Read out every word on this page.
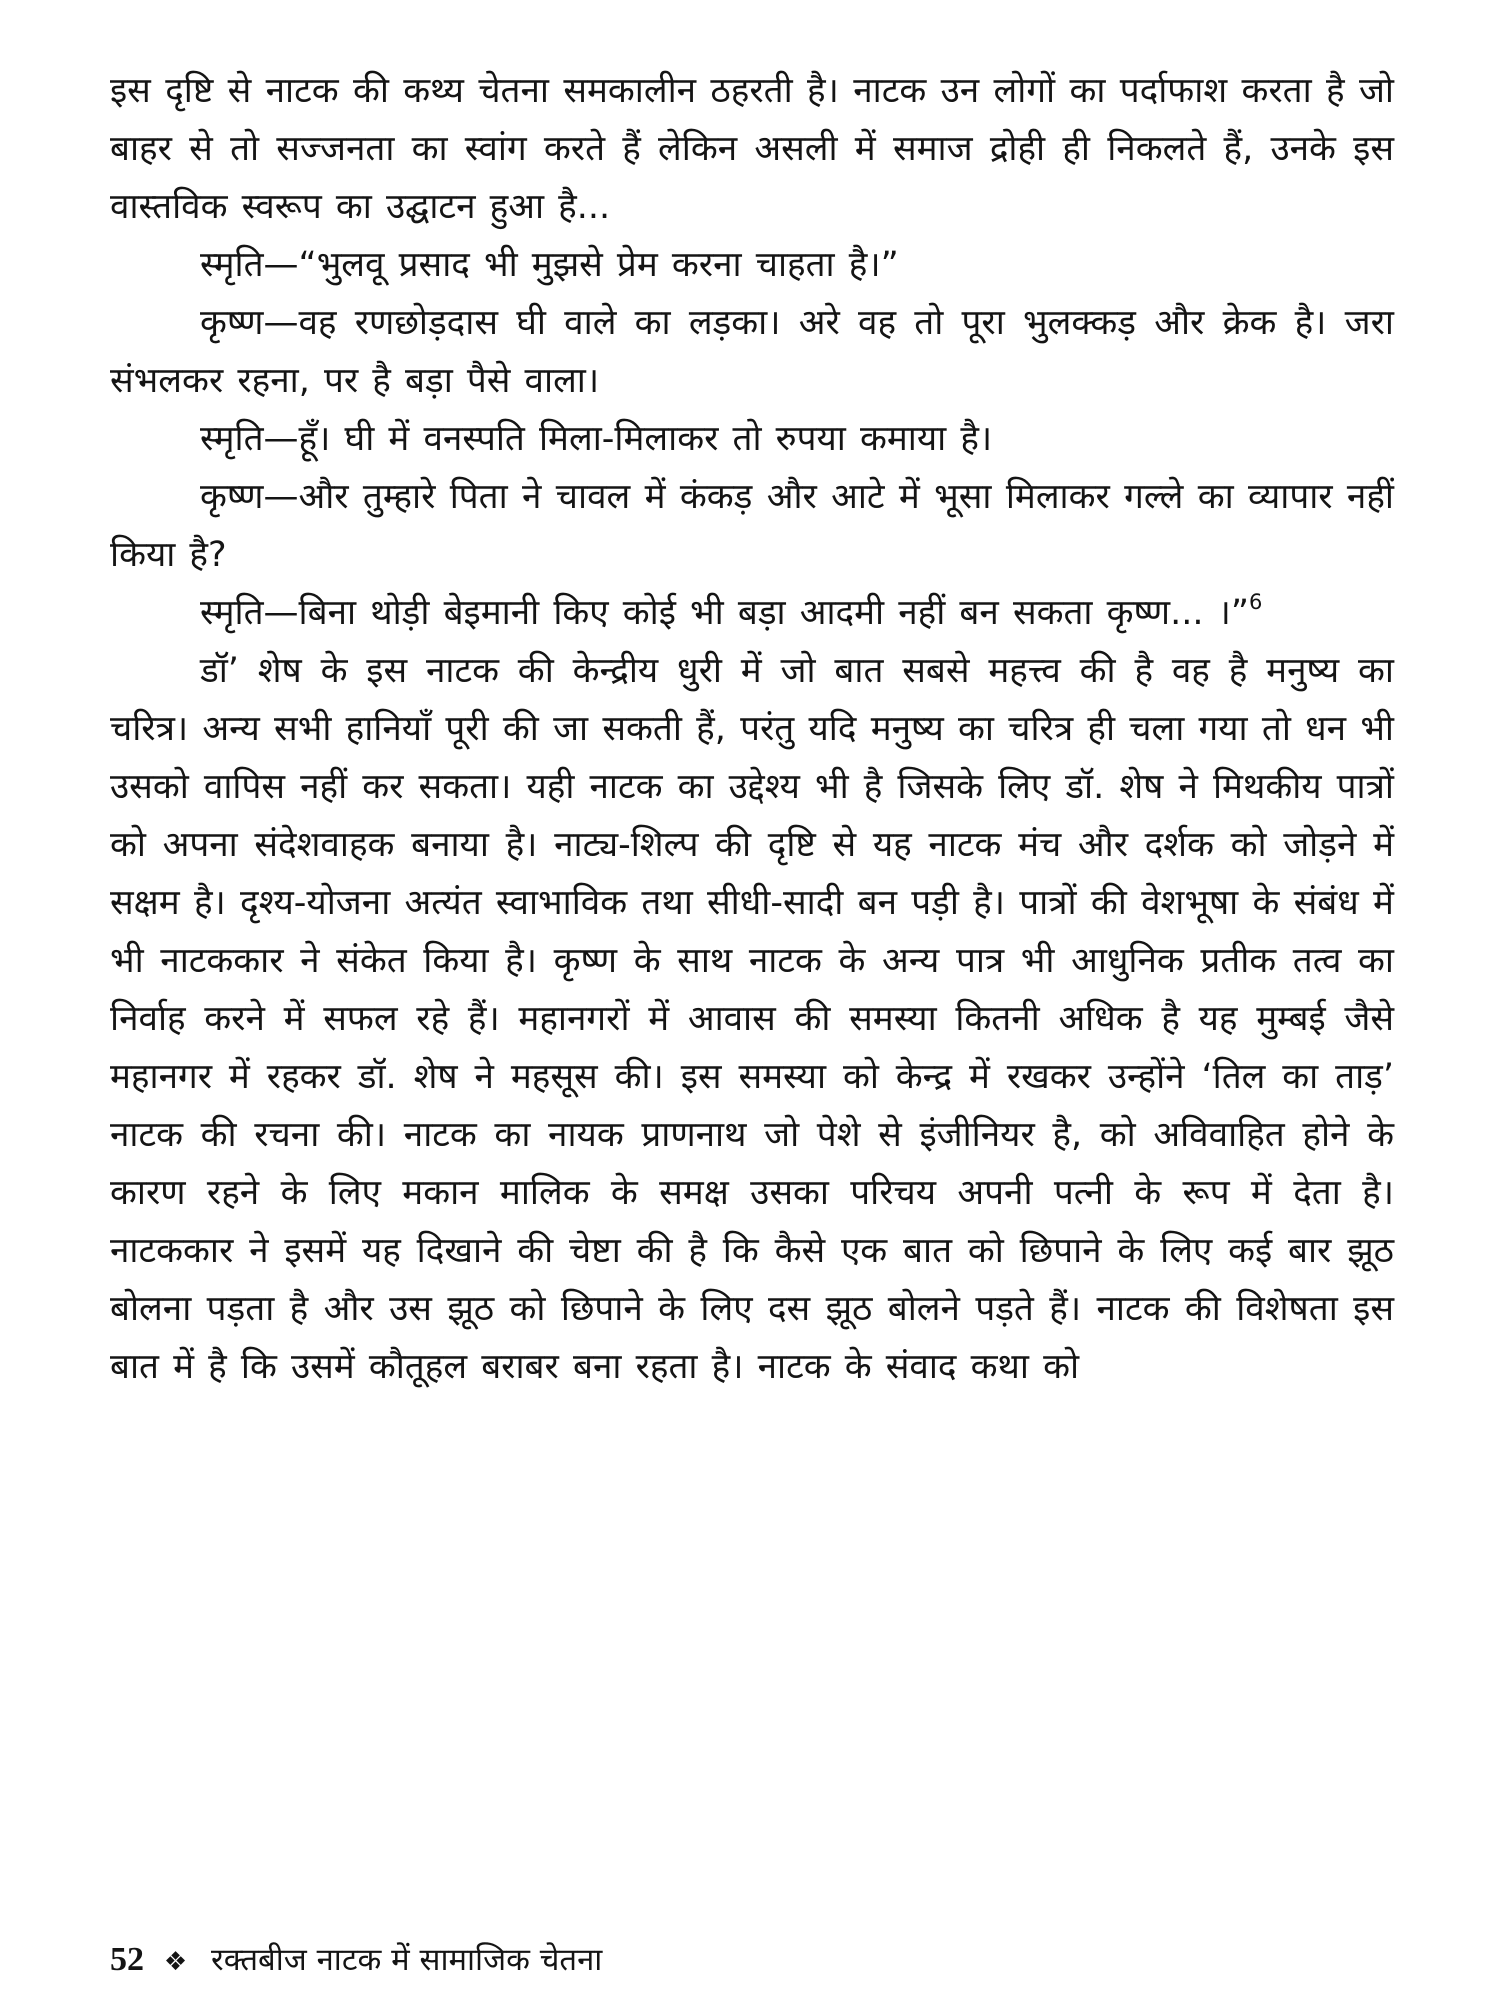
इस दृष्टि से नाटक की कथ्य चेतना समकालीन ठहरती है। नाटक उन लोगों का पर्दाफाश करता है जो बाहर से तो सज्जनता का स्वांग करते हैं लेकिन असली में समाज द्रोही ही निकलते हैं, उनके इस वास्तविक स्वरूप का उद्घाटन हुआ है...

स्मृति—“भुलवू प्रसाद भी मुझसे प्रेम करना चाहता है।”

कृष्ण—वह रणछोड़दास घी वाले का लड़का। अरे वह तो पूरा भुलक्कड़ और क्रेक है। जरा संभलकर रहना, पर है बड़ा पैसे वाला।

स्मृति—हूँ। घी में वनस्पति मिला-मिलाकर तो रुपया कमाया है।

कृष्ण—और तुम्हारे पिता ने चावल में कंकड़ और आटे में भूसा मिलाकर गल्ले का व्यापार नहीं किया है?

स्मृति—बिना थोड़ी बेइमानी किए कोई भी बड़ा आदमी नहीं बन सकता कृष्ण... ।”$^6$

डॉ’ शेष के इस नाटक की केन्द्रीय धुरी में जो बात सबसे महत्त्व की है वह है मनुष्य का चरित्र। अन्य सभी हानियाँ पूरी की जा सकती हैं, परंतु यदि मनुष्य का चरित्र ही चला गया तो धन भी उसको वापिस नहीं कर सकता। यही नाटक का उद्देश्य भी है जिसके लिए डॉ. शेष ने मिथकीय पात्रों को अपना संदेशवाहक बनाया है। नाट्य-शिल्प की दृष्टि से यह नाटक मंच और दर्शक को जोड़ने में सक्षम है। दृश्य-योजना अत्यंत स्वाभाविक तथा सीधी-सादी बन पड़ी है। पात्रों की वेशभूषा के संबंध में भी नाटककार ने संकेत किया है। कृष्ण के साथ नाटक के अन्य पात्र भी आधुनिक प्रतीक तत्व का निर्वाह करने में सफल रहे हैं। महानगरों में आवास की समस्या कितनी अधिक है यह मुम्बई जैसे महानगर में रहकर डॉ. शेष ने महसूस की। इस समस्या को केन्द्र में रखकर उन्होंने ‘तिल का ताड़’ नाटक की रचना की। नाटक का नायक प्राणनाथ जो पेशे से इंजीनियर है, को अविवाहित होने के कारण रहने के लिए मकान मालिक के समक्ष उसका परिचय अपनी पत्नी के रूप में देता है। नाटककार ने इसमें यह दिखाने की चेष्टा की है कि कैसे एक बात को छिपाने के लिए कई बार झूठ बोलना पड़ता है और उस झूठ को छिपाने के लिए दस झूठ बोलने पड़ते हैं। नाटक की विशेषता इस बात में है कि उसमें कौतूहल बराबर बना रहता है। नाटक के संवाद कथा को

52 ❖ रक्तबीज नाटक में सामाजिक चेतना
